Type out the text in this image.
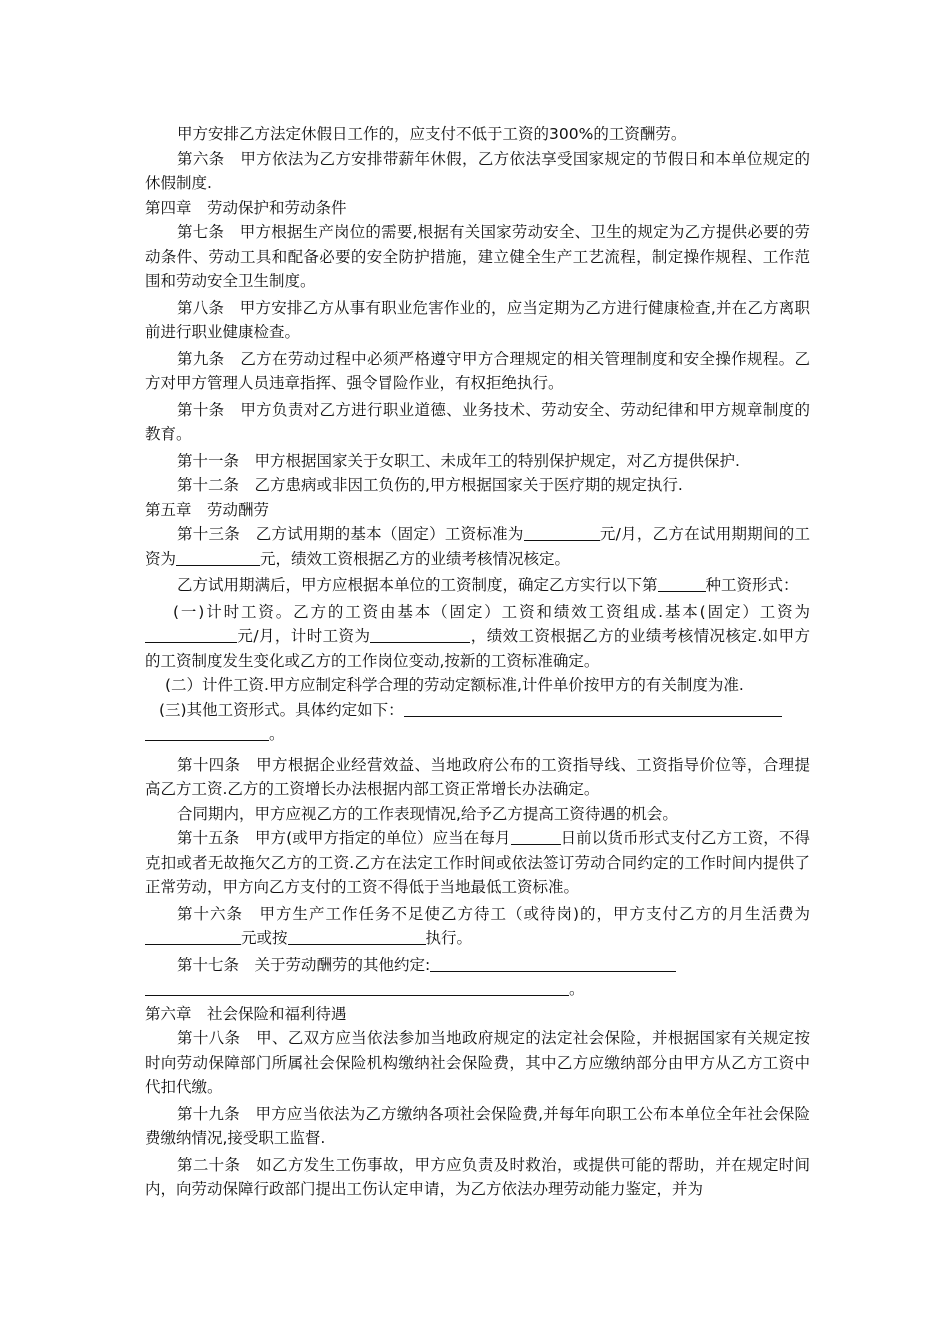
甲方安排乙方法定休假日工作的，应支付不低于工资的300%的工资酬劳。

第六条　甲方依法为乙方安排带薪年休假，乙方依法享受国家规定的节假日和本单位规定的休假制度.

第四章　劳动保护和劳动条件

第七条　甲方根据生产岗位的需要,根据有关国家劳动安全、卫生的规定为乙方提供必要的劳动条件、劳动工具和配备必要的安全防护措施，建立健全生产工艺流程，制定操作规程、工作范围和劳动安全卫生制度。

第八条　甲方安排乙方从事有职业危害作业的，应当定期为乙方进行健康检查,并在乙方离职前进行职业健康检查。

第九条　乙方在劳动过程中必须严格遵守甲方合理规定的相关管理制度和安全操作规程。乙方对甲方管理人员违章指挥、强令冒险作业，有权拒绝执行。

第十条　甲方负责对乙方进行职业道德、业务技术、劳动安全、劳动纪律和甲方规章制度的教育。

第十一条　甲方根据国家关于女职工、未成年工的特别保护规定，对乙方提供保护.

第十二条　乙方患病或非因工负伤的,甲方根据国家关于医疗期的规定执行.

第五章　劳动酬劳

第十三条　乙方试用期的基本（固定）工资标准为	元/月，乙方在试用期期间的工资为	元，绩效工资根据乙方的业绩考核情况核定。

乙方试用期满后，甲方应根据本单位的工资制度，确定乙方实行以下第	种工资形式：

(一)计时工资。乙方的工资由基本（固定）工资和绩效工资组成.基本(固定）工资为元/月，计时工资为	，绩效工资根据乙方的业绩考核情况核定.如甲方的工资制度发生变化或乙方的工作岗位变动,按新的工资标准确定。

(二）计件工资.甲方应制定科学合理的劳动定额标准,计件单价按甲方的有关制度为准.

(三)其他工资形式。具体约定如下：
。

第十四条　甲方根据企业经营效益、当地政府公布的工资指导线、工资指导价位等，合理提高乙方工资.乙方的工资增长办法根据内部工资正常增长办法确定。

合同期内，甲方应视乙方的工作表现情况,给予乙方提高工资待遇的机会。

第十五条　甲方(或甲方指定的单位）应当在每月	日前以货币形式支付乙方工资，不得克扣或者无故拖欠乙方的工资.乙方在法定工作时间或依法签订劳动合同约定的工作时间内提供了正常劳动，甲方向乙方支付的工资不得低于当地最低工资标准。

第十六条　甲方生产工作任务不足使乙方待工（或待岗)的，甲方支付乙方的月生活费为元或按	执行。

第十七条　关于劳动酬劳的其他约定:

。

第六章　社会保险和福利待遇

第十八条　甲、乙双方应当依法参加当地政府规定的法定社会保险，并根据国家有关规定按时向劳动保障部门所属社会保险机构缴纳社会保险费，其中乙方应缴纳部分由甲方从乙方工资中代扣代缴。

第十九条　甲方应当依法为乙方缴纳各项社会保险费,并每年向职工公布本单位全年社会保险费缴纳情况,接受职工监督.

第二十条　如乙方发生工伤事故，甲方应负责及时救治，或提供可能的帮助，并在规定时间内，向劳动保障行政部门提出工伤认定申请，为乙方依法办理劳动能力鉴定，并为
